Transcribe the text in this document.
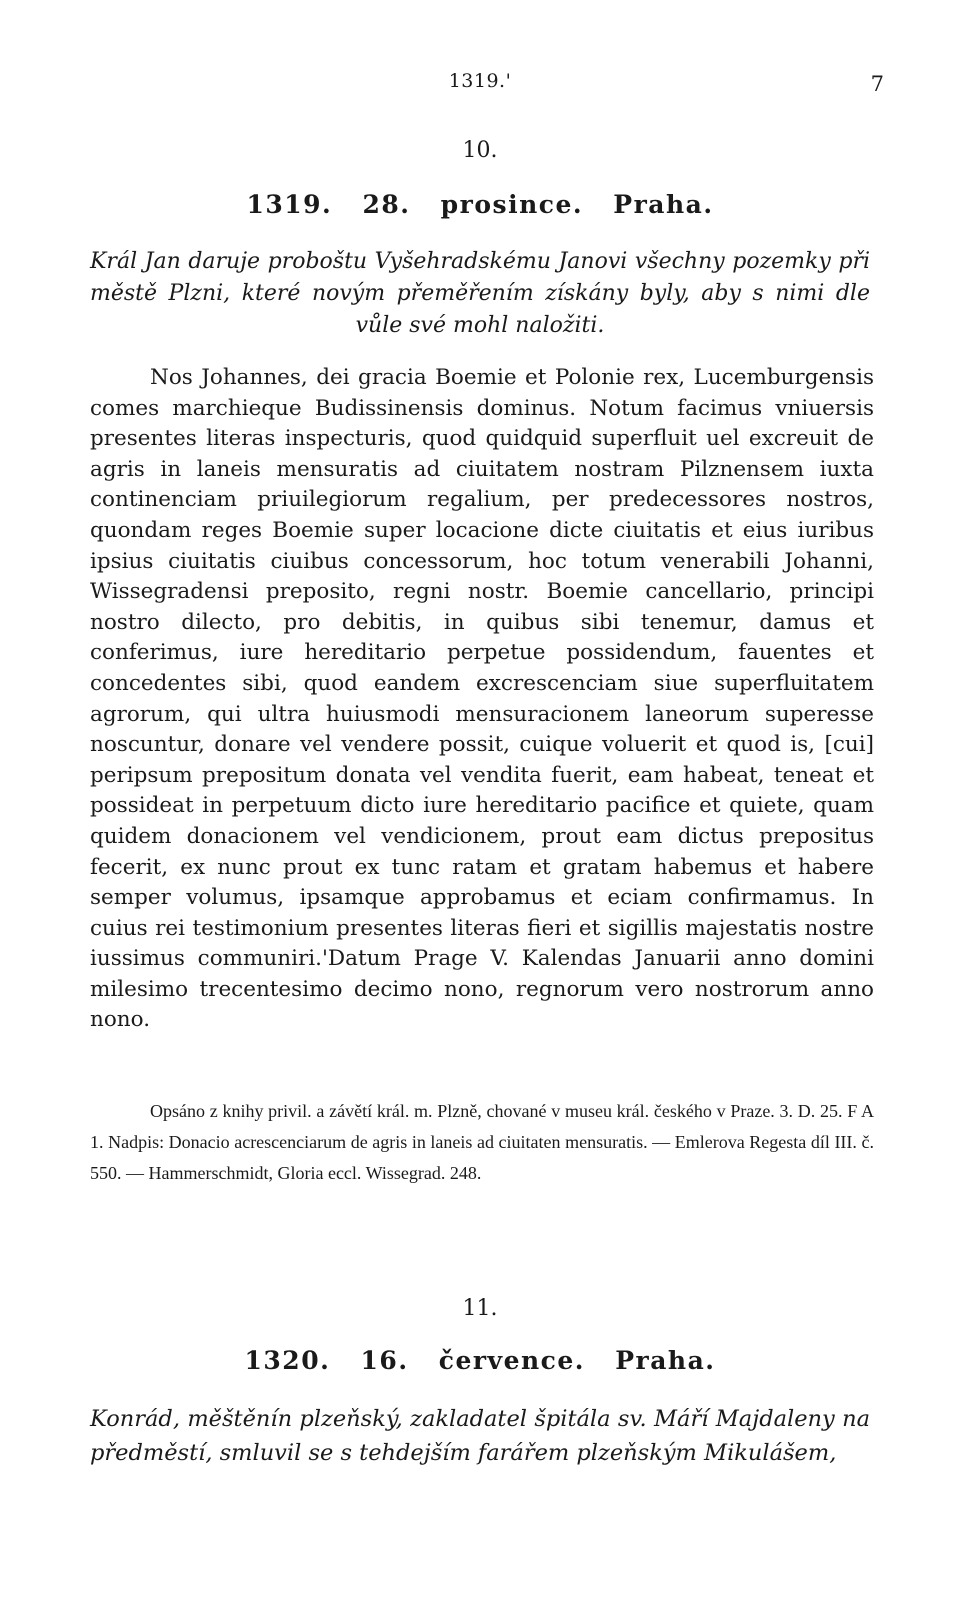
1319.'	7
10.
1319. 28. prosince. Praha.
Král Jan daruje proboštu Vyšehradskému Janovi všechny pozemky při městě Plzni, které novým přeměřením získány byly, aby s nimi dle vůle své mohl naložiti.
Nos Johannes, dei gracia Boemie et Polonie rex, Lucemburgensis comes marchieque Budissinensis dominus. Notum facimus vniuersis presentes literas inspecturis, quod quidquid superfluit uel excreuit de agris in laneis mensuratis ad ciuitatem nostram Pilznensem iuxta continenciam priuilegiorum regalium, per predecessores nostros, quondam reges Boemie super locacione dicte ciuitatis et eius iuribus ipsius ciuitatis ciuibus concessorum, hoc totum venerabili Johanni, Wissegradensi preposito, regni nostr. Boemie cancellario, principi nostro dilecto, pro debitis, in quibus sibi tenemur, damus et conferimus, iure hereditario perpetue possidendum, fauentes et concedentes sibi, quod eandem excrescenciam siue superfluitatem agrorum, qui ultra huiusmodi mensuracionem laneorum superesse noscuntur, donare vel vendere possit, cuique voluerit et quod is, [cui] peripsum prepositum donata vel vendita fuerit, eam habeat, teneat et possideat in perpetuum dicto iure hereditario pacifice et quiete, quam quidem donacionem vel vendicionem, prout eam dictus prepositus fecerit, ex nunc prout ex tunc ratam et gratam habemus et habere semper volumus, ipsamque approbamus et eciam confirmamus. In cuius rei testimonium presentes literas fieri et sigillis majestatis nostre iussimus communiri.'Datum Prage V. Kalendas Januarii anno domini milesimo trecentesimo decimo nono, regnorum vero nostrorum anno nono.
Opsáno z knihy privil. a závětí král. m. Plzně, chované v museu král. českého v Praze. 3. D. 25. F A 1. Nadpis: Donacio acrescenciarum de agris in laneis ad ciuitaten mensuratis. — Emlerova Regesta díl III. č. 550. — Hammerschmidt, Gloria eccl. Wissegrad. 248.
11.
1320. 16. července. Praha.
Konrád, měštěnín plzeňský, zakladatel špitála sv. Máří Majdaleny na předměstí, smluvil se s tehdejším farářem plzeňským Mikulášem,
